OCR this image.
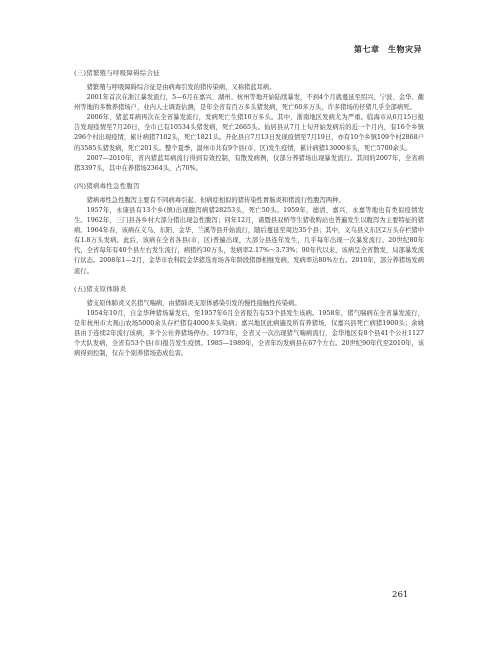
第七章　生物灾异

(三)猪繁殖与呼吸障碍综合征

猪繁殖与呼吸障碍综合征是由病毒引发的猪传染病，又称猪蓝耳病。

2001年首次在浙江暴发流行，5—6月在嘉兴、湖州、杭州等地开始陆续暴发，不到4个月就蔓延至绍兴、宁波、金华、衢州等地的多数养猪场户，业内人士调查估测，是年全省有百万多头猪发病，死亡60多万头，许多猪场的仔猪几乎全部病死。

2006年，猪蓝耳病再次在全省暴发流行，发病死亡生猪10万多头。其中，浙南地区发病尤为严重。临海市从6月15日报告发现疫情至7月26日，全市已有10534头猪发病，死亡2665头。仙居县从7月上旬开始发病后的近一个月内，有16个乡镇296个村出现疫情，累计病猪7102头，死亡1821头。开化县自7月13日发现疫情至7月19日，亦有10个乡镇109个村2868户的3585头猪发病，死亡201头。整个夏季，温州市共有9个县(市、区)发生疫情，累计病猪13000多头，死亡5700余头。

2007—2010年，省内猪蓝耳病流行得到有效控制，有散发病例，仅部分养猪场出现暴发流行。其间的2007年，全省病猪3397头，其中在养猪场2364头，占70%。

(四)猪病毒性急性腹泻

猪病毒性急性腹泻主要有不同病毒引起、但病症相似的猪传染性胃肠炎和猪流行性腹泻两种。

1957年，永康县有13个乡(镇)出现腹泻病猪28253头，死亡50头。1959年，德清、嘉兴、永嘉等地也有类似疫情发生。1962年，三门县各乡村大部分猪出现急性腹泻；同年12月，诸暨县双桥等生猪收购站也普遍发生以腹泻为主要特征的猪病。1964年春，该病在义乌、东阳、金华、兰溪等县开始流行，随后蔓延至周边35个县；其中，义乌县义东区2万头存栏猪中有1.8万头发病。此后，该病在全省各县(市、区)普遍出现，大部分县连年发生，几乎每年出现一次暴发流行。20世纪80年代，全省每年有40个县左右发生流行，病猪约30万头，发病率2.17%～3.73%；90年代以来，该病呈全省散发，局部暴发流行状态。2008年1—2月，金华市农科院金华猪选育场各年龄段猪群相继发病，发病率达80%左右。2010年，部分养猪场发病流行。

(五)猪支原体肺炎

猪支原体肺炎又名猪气喘病，由猪肺炎支原体感染引发的慢性接触性传染病。

1954年10月，自金华种猪场暴发后，至1957年6月全省报告有53个县发生该病。1958年，猪气喘病在全省暴发流行，是年杭州市大观山农场5000余头存栏猪有4000多头染病；嘉兴地区此病遍及所有养猪场，仅嘉兴县死亡病猪1900头；余姚县由于连续2年流行该病，多个公社养猪场停办。1973年，全省又一次出现猪气喘病流行，金华地区有8个县41个公社1127个大队发病，全省有53个县(市)报告发生疫情。1985—1989年，全省年均发病县在67个左右。20世纪90年代至2010年，该病得到控制，仅在个别养猪场造成危害。

261
